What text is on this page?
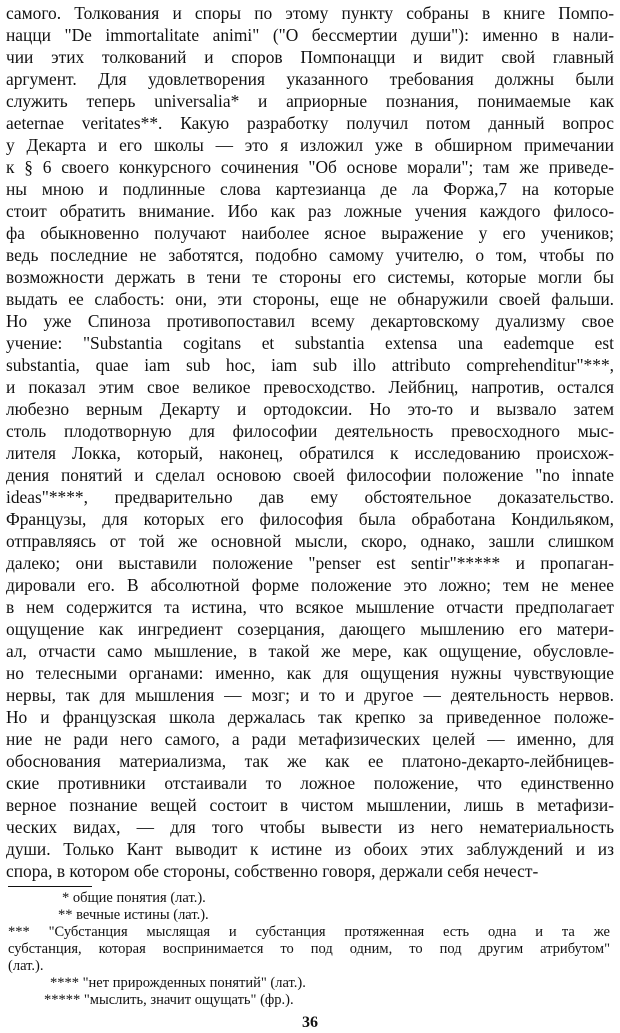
самого. Толкования и споры по этому пункту собраны в книге Помпо-
нацци "De immortalitate animi" ("О бессмертии души"): именно в нали-
чии этих толкований и споров Помпонацци и видит свой главный
аргумент. Для удовлетворения указанного требования должны были
служить теперь universalia* и априорные познания, понимаемые как
aeternae veritates**. Какую разработку получил потом данный вопрос
у Декарта и его школы — это я изложил уже в обширном примечании
к § 6 своего конкурсного сочинения "Об основе морали"; там же приведе-
ны мною и подлинные слова картезианца де ла Форжа,7 на которые
стоит обратить внимание. Ибо как раз ложные учения каждого филосо-
фа обыкновенно получают наиболее ясное выражение у его учеников;
ведь последние не заботятся, подобно самому учителю, о том, чтобы по
возможности держать в тени те стороны его системы, которые могли бы
выдать ее слабость: они, эти стороны, еще не обнаружили своей фальши.
Но уже Спиноза противопоставил всему декартовскому дуализму свое
учение: "Substantia cogitans et substantia extensa una eademque est
substantia, quae iam sub hoc, iam sub illo attributo comprehenditur"***,
и показал этим свое великое превосходство. Лейбниц, напротив, остался
любезно верным Декарту и ортодоксии. Но это-то и вызвало затем
столь плодотворную для философии деятельность превосходного мыс-
лителя Локка, который, наконец, обратился к исследованию происхож-
дения понятий и сделал основою своей философии положение "no innate
ideas"****, предварительно дав ему обстоятельное доказательство.
Французы, для которых его философия была обработана Кондильяком,
отправляясь от той же основной мысли, скоро, однако, зашли слишком
далеко; они выставили положение "penser est sentir"***** и пропаган-
дировали его. В абсолютной форме положение это ложно; тем не менее
в нем содержится та истина, что всякое мышление отчасти предполагает
ощущение как ингредиент созерцания, дающего мышлению его матери-
ал, отчасти само мышление, в такой же мере, как ощущение, обусловле-
но телесными органами: именно, как для ощущения нужны чувствующие
нервы, так для мышления — мозг; и то и другое — деятельность нервов.
Но и французская школа держалась так крепко за приведенное положе-
ние не ради него самого, а ради метафизических целей — именно, для
обоснования материализма, так же как ее платоно-декарто-лейбницев-
ские противники отстаивали то ложное положение, что единственно
верное познание вещей состоит в чистом мышлении, лишь в метафизи-
ческих видах, — для того чтобы вывести из него нематериальность
души. Только Кант выводит к истине из обоих этих заблуждений и из
спора, в котором обе стороны, собственно говоря, держали себя нечест-
* общие понятия (лат.).
** вечные истины (лат.).
*** "Субстанция мыслящая и субстанция протяженная есть одна и та же
субстанция, которая воспринимается то под одним, то под другим атрибутом"
(лат.).
**** "нет прирожденных понятий" (лат.).
***** "мыслить, значит ощущать" (фр.).
36
